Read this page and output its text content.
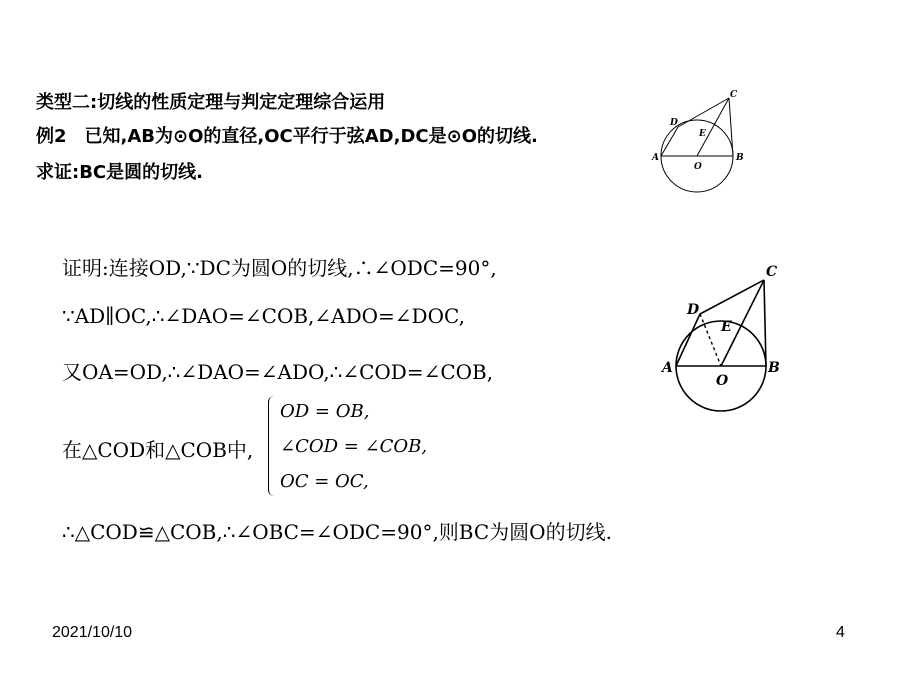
类型二:切线的性质定理与判定定理综合运用
例2 已知,AB为⊙O的直径,OC平行于弦AD,DC是⊙O的切线.
求证:BC是圆的切线.
C
D
E
A	B
O
证明:连接OD,∵DC为圆O的切线,∴∠ODC=90°,
∵AD∥OC,∴∠DAO=∠COB,∠ADO=∠DOC,
又OA=OD,∴∠DAO=∠ADO,∴∠COD=∠COB,
在△COD和△COB中,
OD = OB,
∠COD = ∠COB,
OC = OC,
∴△COD≌△COB,∴∠OBC=∠ODC=90°,则BC为圆O的切线.
C
D
E
A	B
O
2021/10/10	4
